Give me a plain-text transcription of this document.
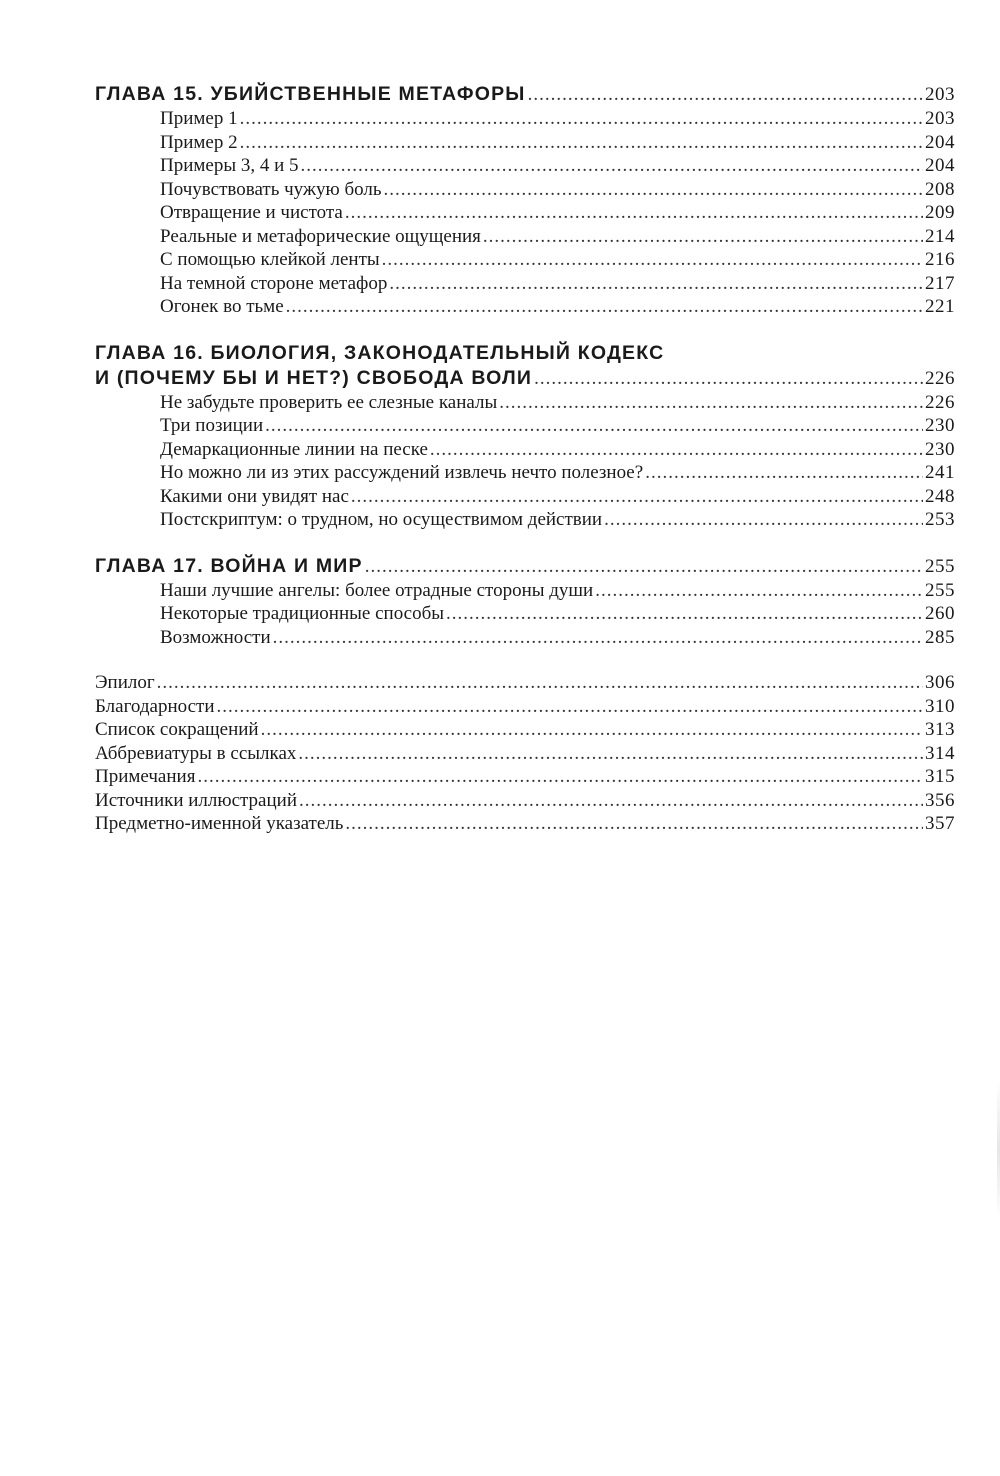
ГЛАВА 15. УБИЙСТВЕННЫЕ МЕТАФОРЫ .....	203
Пример 1 .....	203
Пример 2 .....	204
Примеры 3, 4 и 5 .....	204
Почувствовать чужую боль .....	208
Отвращение и чистота .....	209
Реальные и метафорические ощущения .....	214
С помощью клейкой ленты .....	216
На темной стороне метафор .....	217
Огонек во тьме .....	221
ГЛАВА 16. БИОЛОГИЯ, ЗАКОНОДАТЕЛЬНЫЙ КОДЕКС
И (ПОЧЕМУ БЫ И НЕТ?) СВОБОДА ВОЛИ .....	226
Не забудьте проверить ее слезные каналы .....	226
Три позиции .....	230
Демаркационные линии на песке .....	230
Но можно ли из этих рассуждений извлечь нечто полезное? .....	241
Какими они увидят нас .....	248
Постскриптум: о трудном, но осуществимом действии .....	253
ГЛАВА 17. ВОЙНА И МИР .....	255
Наши лучшие ангелы: более отрадные стороны души .....	255
Некоторые традиционные способы .....	260
Возможности .....	285
Эпилог .....	306
Благодарности .....	310
Список сокращений .....	313
Аббревиатуры в ссылках .....	314
Примечания .....	315
Источники иллюстраций .....	356
Предметно-именной указатель .....	357
